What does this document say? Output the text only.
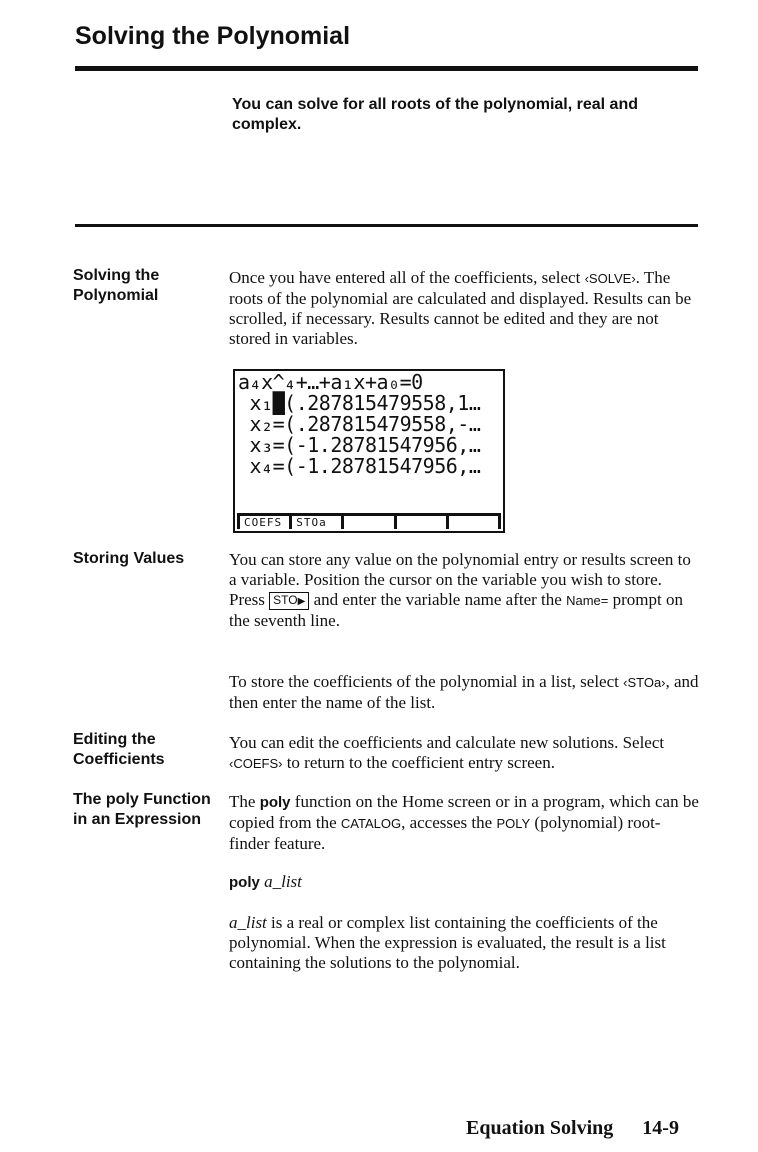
Solving the Polynomial
You can solve for all roots of the polynomial, real and complex.
Solving the Polynomial
Once you have entered all of the coefficients, select ‹SOLVE›. The roots of the polynomial are calculated and displayed. Results can be scrolled, if necessary. Results cannot be edited and they are not stored in variables.
a₄x^₄+…+a₁x+a₀=0
x₁█(.287815479558,1…
x₂=(.287815479558,-…
x₃=(-1.28781547956,…
x₄=(-1.28781547956,…
COEFS	STOa
Storing Values	You can store any value on the polynomial entry or results screen to a variable. Position the cursor on the variable you wish to store. Press STO▶ and enter the variable name after the Name= prompt on the seventh line.
To store the coefficients of the polynomial in a list, select ‹STOa›, and then enter the name of the list.
Editing the Coefficients
You can edit the coefficients and calculate new solutions. Select ‹COEFS› to return to the coefficient entry screen.
The poly Function in an Expression
The poly function on the Home screen or in a program, which can be copied from the CATALOG, accesses the POLY (polynomial) root-finder feature.
poly a_list
a_list is a real or complex list containing the coefficients of the polynomial. When the expression is evaluated, the result is a list containing the solutions to the polynomial.
Equation Solving 14-9
